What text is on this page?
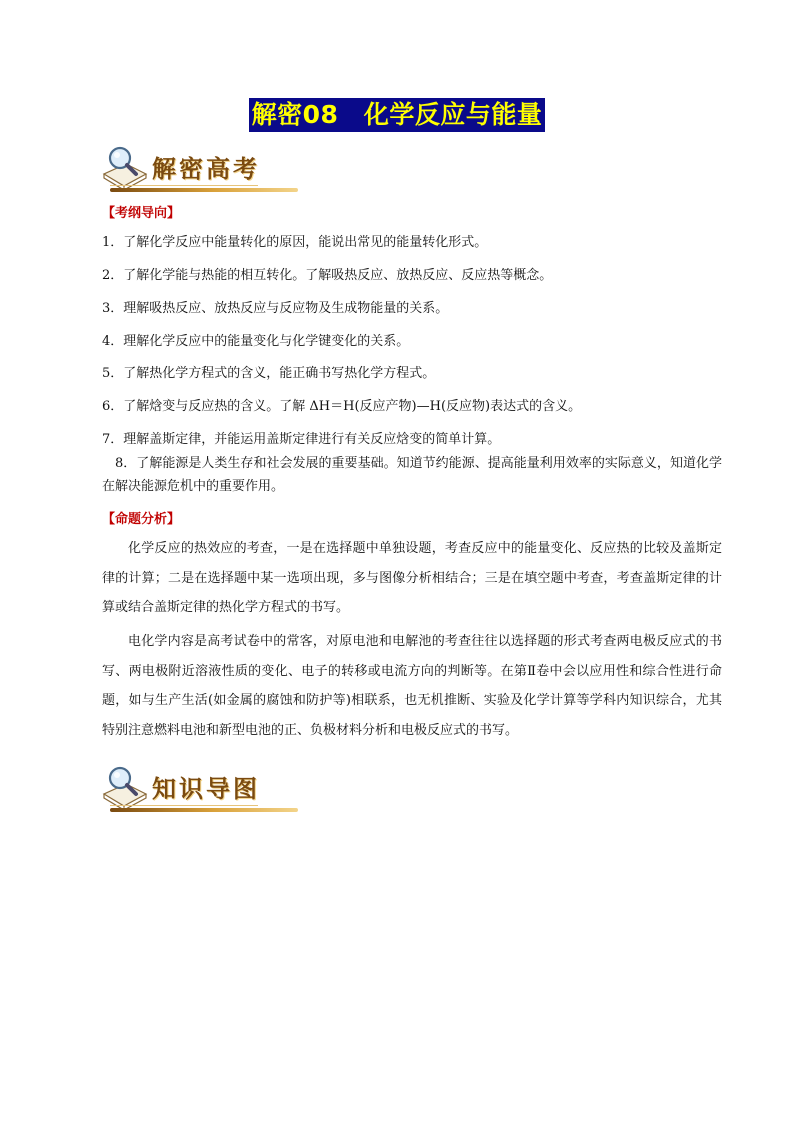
解密08　化学反应与能量
解密高考
【考纲导向】
1．了解化学反应中能量转化的原因，能说出常见的能量转化形式。
2．了解化学能与热能的相互转化。了解吸热反应、放热反应、反应热等概念。
3．理解吸热反应、放热反应与反应物及生成物能量的关系。
4．理解化学反应中的能量变化与化学键变化的关系。
5．了解热化学方程式的含义，能正确书写热化学方程式。
6．了解焓变与反应热的含义。了解 ΔH＝H(反应产物)—H(反应物)表达式的含义。
7．理解盖斯定律，并能运用盖斯定律进行有关反应焓变的简单计算。
8．了解能源是人类生存和社会发展的重要基础。知道节约能源、提高能量利用效率的实际意义，知道化学在解决能源危机中的重要作用。
【命题分析】
化学反应的热效应的考查，一是在选择题中单独设题，考查反应中的能量变化、反应热的比较及盖斯定律的计算；二是在选择题中某一选项出现，多与图像分析相结合；三是在填空题中考查，考查盖斯定律的计算或结合盖斯定律的热化学方程式的书写。
电化学内容是高考试卷中的常客，对原电池和电解池的考查往往以选择题的形式考查两电极反应式的书写、两电极附近溶液性质的变化、电子的转移或电流方向的判断等。在第Ⅱ卷中会以应用性和综合性进行命题，如与生产生活(如金属的腐蚀和防护等)相联系，也无机推断、实验及化学计算等学科内知识综合，尤其特别注意燃料电池和新型电池的正、负极材料分析和电极反应式的书写。
知识导图
